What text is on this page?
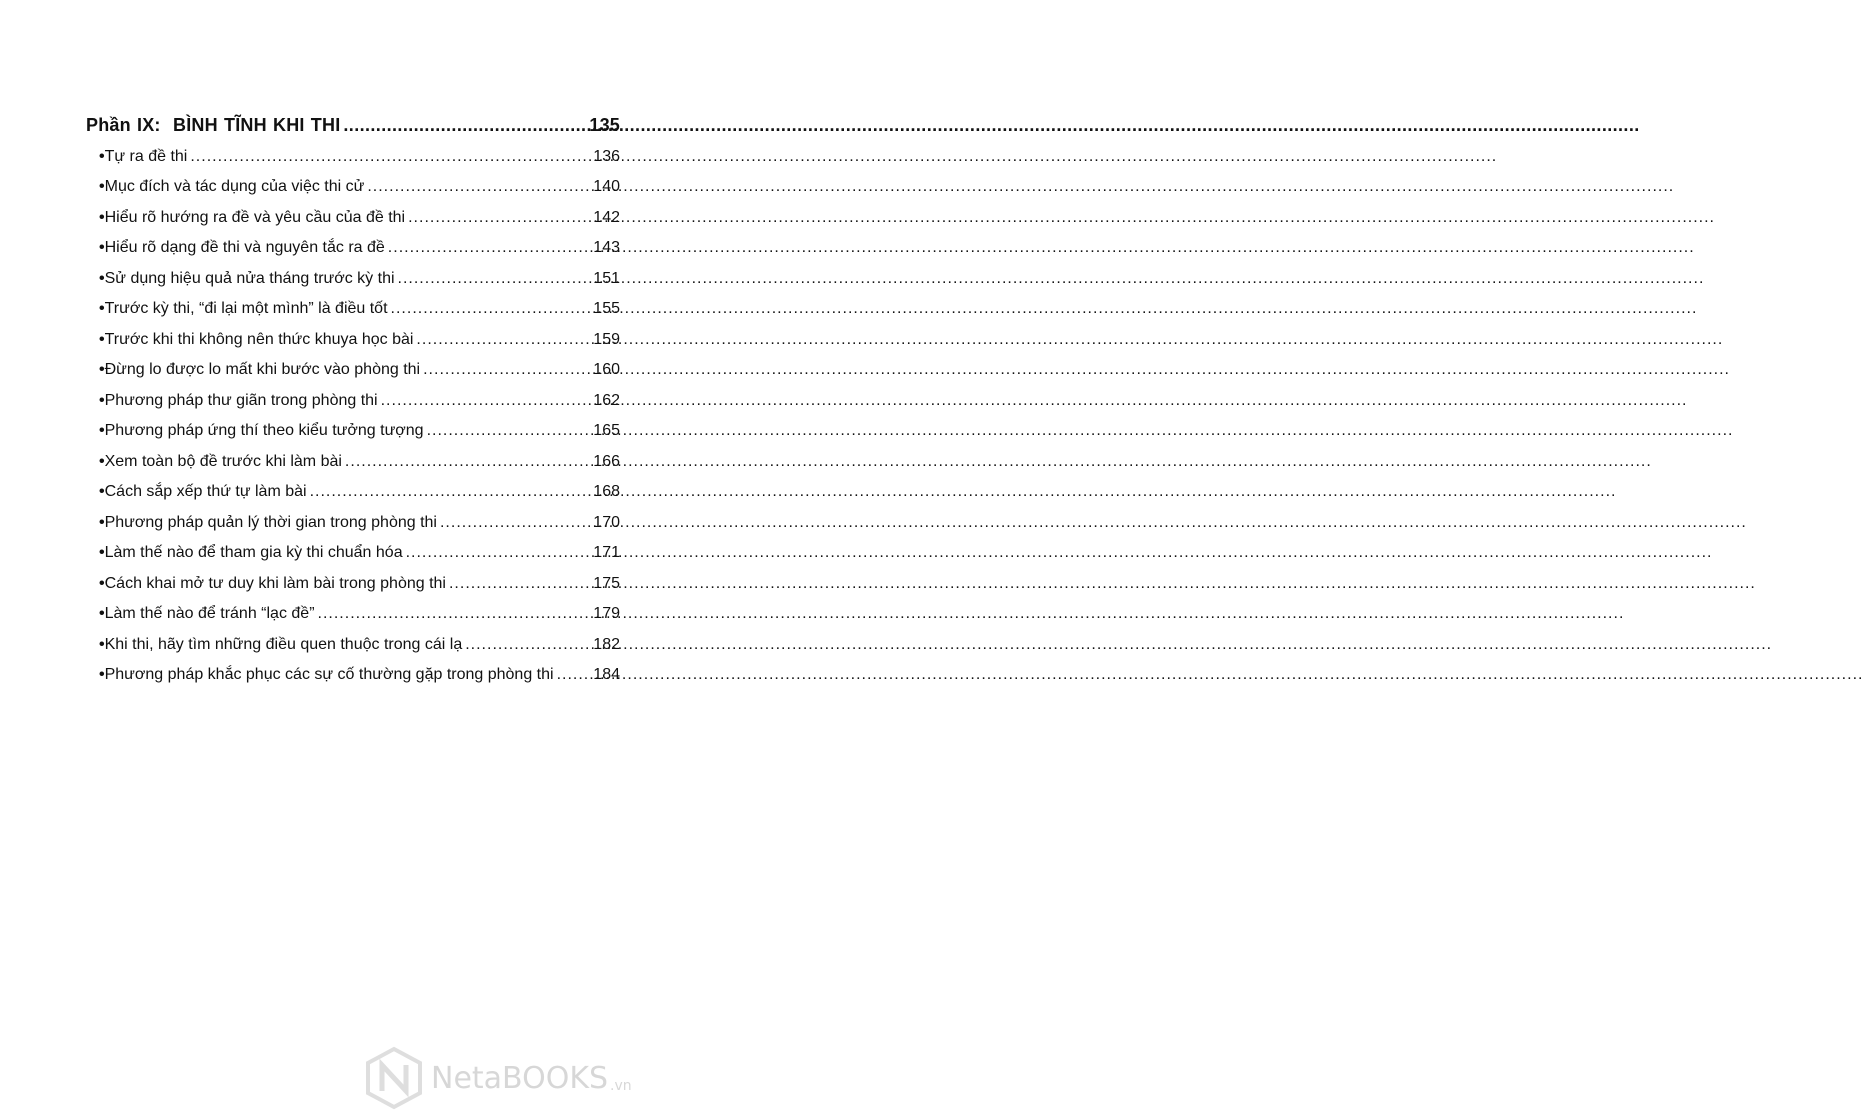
Phần IX: BÌNH TĨNH KHI THI .....	135
• Tự ra đề thi .....	136
• Mục đích và tác dụng của việc thi cử .....	140
• Hiểu rõ hướng ra đề và yêu cầu của đề thi .....	142
• Hiểu rõ dạng đề thi và nguyên tắc ra đề .....	143
• Sử dụng hiệu quả nửa tháng trước kỳ thi .....	151
• Trước kỳ thi, “đi lại một mình” là điều tốt .....	155
• Trước khi thi không nên thức khuya học bài .....	159
• Đừng lo được lo mất khi bước vào phòng thi .....	160
• Phương pháp thư giãn trong phòng thi .....	162
• Phương pháp ứng thí theo kiểu tưởng tượng .....	165
• Xem toàn bộ đề trước khi làm bài .....	166
• Cách sắp xếp thứ tự làm bài .....	168
• Phương pháp quản lý thời gian trong phòng thi .....	170
• Làm thế nào để tham gia kỳ thi chuẩn hóa .....	171
• Cách khai mở tư duy khi làm bài trong phòng thi .....	175
• Làm thế nào để tránh “lạc đề” .....	179
• Khi thi, hãy tìm những điều quen thuộc trong cái lạ .....	182
• Phương pháp khắc phục các sự cố thường gặp trong phòng thi ..... 184
NetaBOOKS .vn
